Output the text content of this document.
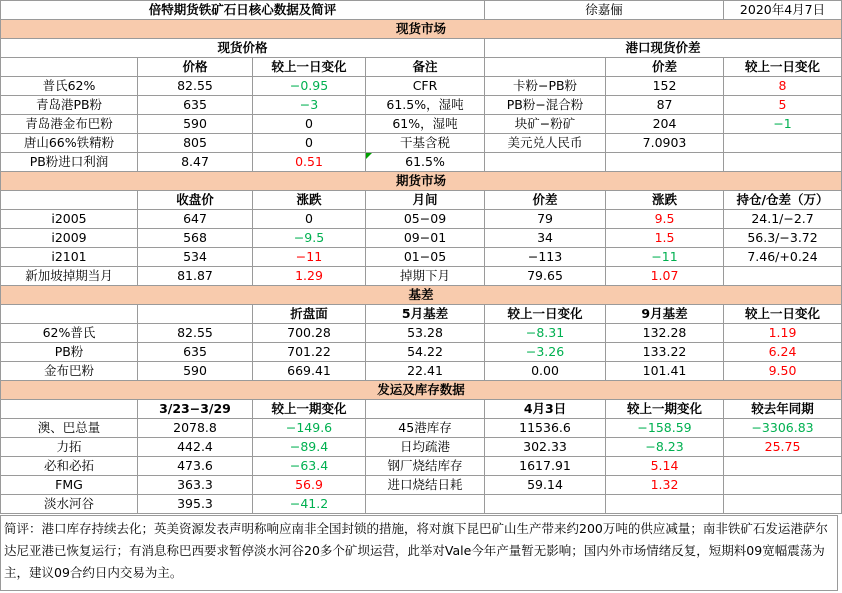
倍特期货铁矿石日核心数据及简评				徐嘉俪		2020年4月7日
现货市场						
现货价格				港口现货价差		
	价格	较上一日变化	备注		价差	较上一日变化
普氏62%	82.55	−0.95	CFR	卡粉−PB粉	152	8
青岛港PB粉	635	−3	61.5%，湿吨	PB粉−混合粉	87	5
青岛港金布巴粉	590	0	61%，湿吨	块矿−粉矿	204	−1
唐山66%铁精粉	805	0	干基含税	美元兑人民币	7.0903	
PB粉进口利润	8.47	0.51	61.5%			
期货市场						
	收盘价	涨跌	月间	价差	涨跌	持仓/仓差（万）
i2005	647	0	05−09	79	9.5	24.1/−2.7
i2009	568	−9.5	09−01	34	1.5	56.3/−3.72
i2101	534	−11	01−05	−113	−11	7.46/+0.24
新加坡掉期当月	81.87	1.29	掉期下月	79.65	1.07	
基差						
		折盘面	5月基差	较上一日变化	9月基差	较上一日变化
62%普氏	82.55	700.28	53.28	−8.31	132.28	1.19
PB粉	635	701.22	54.22	−3.26	133.22	6.24
金布巴粉	590	669.41	22.41	0.00	101.41	9.50
发运及库存数据						
	3/23−3/29	较上一期变化		4月3日	较上一期变化	较去年同期
澳、巴总量	2078.8	−149.6	45港库存	11536.6	−158.59	−3306.83
力拓	442.4	−89.4	日均疏港	302.33	−8.23	25.75
必和必拓	473.6	−63.4	钢厂烧结库存	1617.91	5.14	
FMG	363.3	56.9	进口烧结日耗	59.14	1.32	
淡水河谷	395.3	−41.2				
简评：港口库存持续去化；英美资源发表声明称响应南非全国封锁的措施，将对旗下昆巴矿山生产带来约200万吨的供应减量；南非铁矿石发运港萨尔达尼亚港已恢复运行；有消息称巴西要求暂停淡水河谷20多个矿坝运营，此举对Vale今年产量暂无影响；国内外市场情绪反复，短期料09宽幅震荡为主，建议09合约日内交易为主。
